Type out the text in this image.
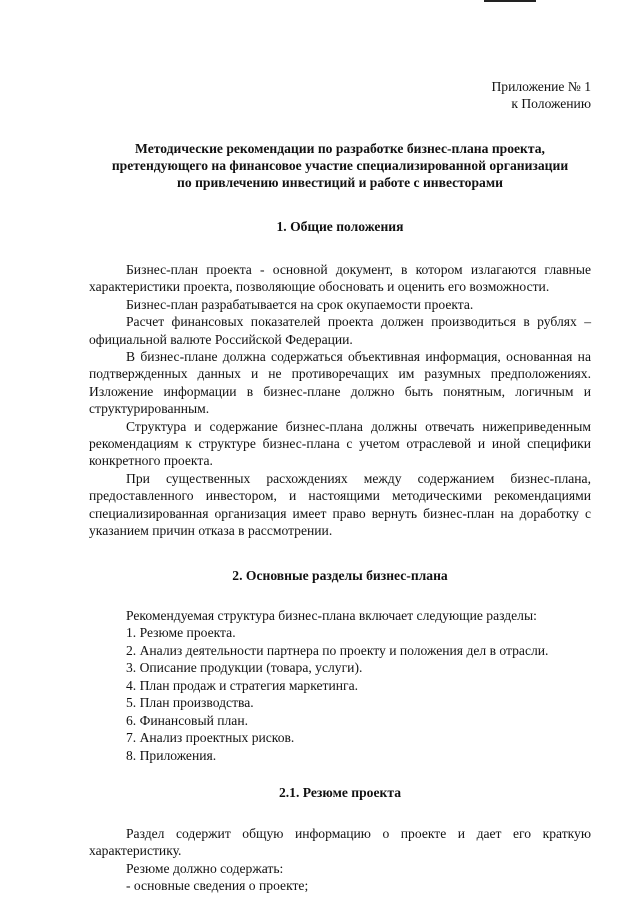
Приложение № 1
к Положению
Методические рекомендации по разработке бизнес-плана проекта,
претендующего на финансовое участие специализированной организации
по привлечению инвестиций и работе с инвесторами
1. Общие положения

Бизнес-план проекта - основной документ, в котором излагаются главные характеристики проекта, позволяющие обосновать и оценить его возможности.

Бизнес-план разрабатывается на срок окупаемости проекта.

Расчет финансовых показателей проекта должен производиться в рублях – официальной валюте Российской Федерации.

В бизнес-плане должна содержаться объективная информация, основанная на подтвержденных данных и не противоречащих им разумных предположениях. Изложение информации в бизнес-плане должно быть понятным, логичным и структурированным.

Структура и содержание бизнес-плана должны отвечать нижеприведенным рекомендациям к структуре бизнес-плана с учетом отраслевой и иной специфики конкретного проекта.

При существенных расхождениях между содержанием бизнес-плана, предоставленного инвестором, и настоящими методическими рекомендациями специализированная организация имеет право вернуть бизнес-план на доработку с указанием причин отказа в рассмотрении.

2. Основные разделы бизнес-плана
Рекомендуемая структура бизнес-плана включает следующие разделы:
1. Резюме проекта.
2. Анализ деятельности партнера по проекту и положения дел в отрасли.
3. Описание продукции (товара, услуги).
4. План продаж и стратегия маркетинга.
5. План производства.
6. Финансовый план.
7. Анализ проектных рисков.
8. Приложения.
2.1. Резюме проекта

Раздел содержит общую информацию о проекте и дает его краткую характеристику.

Резюме должно содержать:

- основные сведения о проекте;
